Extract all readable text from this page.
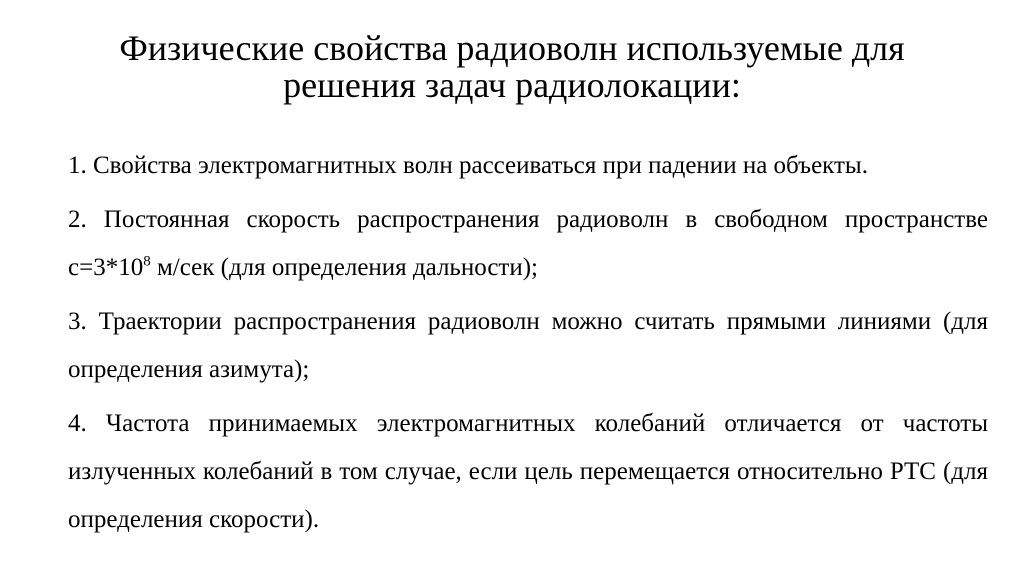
Физические свойства радиоволн используемые для
решения задач радиолокации:

1. Свойства электромагнитных волн рассеиваться при падении на объекты.

2. Постоянная скорость распространения радиоволн в свободном пространстве $с=3*10^8$ м/сек (для определения дальности);

3. Траектории распространения радиоволн можно считать прямыми линиями (для определения азимута);

4. Частота принимаемых электромагнитных колебаний отличается от частоты излученных колебаний в том случае, если цель перемещается относительно РТС (для определения скорости).
